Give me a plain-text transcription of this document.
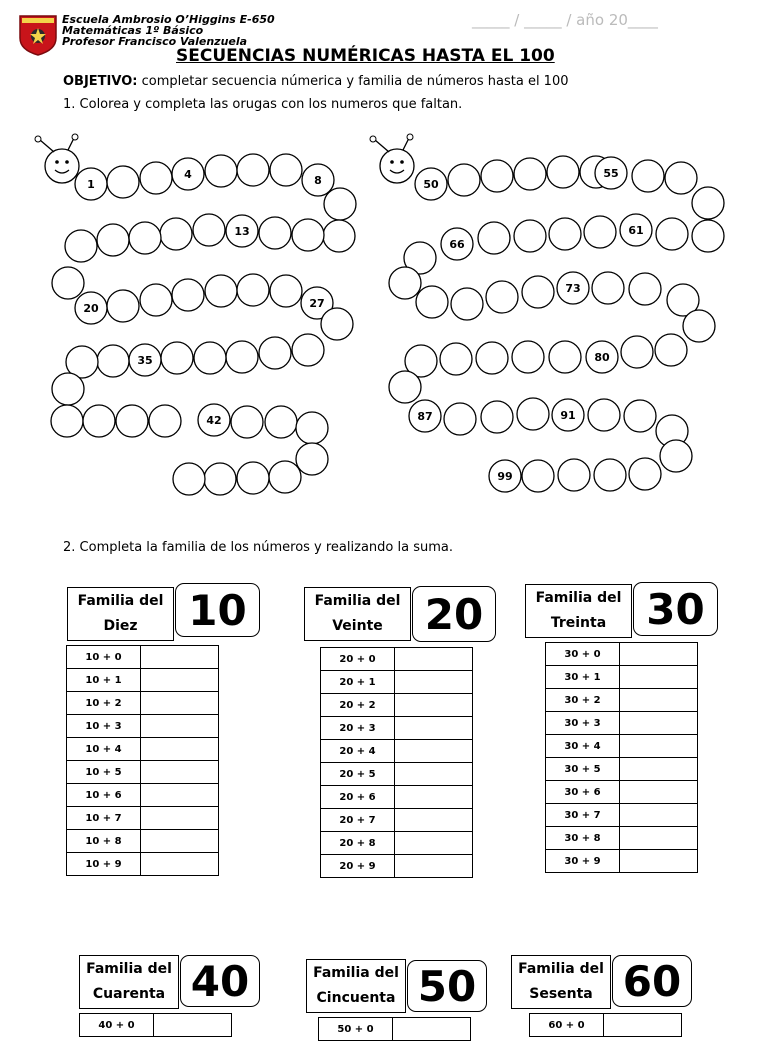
Escuela Ambrosio O’Higgins E-650
Matemáticas 1º Básico
Profesor Francisco Valenzuela
_____ / _____ / año 20____
SECUENCIAS NUMÉRICAS HASTA EL 100
OBJETIVO: completar secuencia númerica y familia de números hasta el 100
1. Colorea y completa las orugas con los numeros que faltan.
1
4	8
13
20	27
35
42
50
55
61
66
73
80
87	91
99
2. Completa la familia de los números y realizando la suma.
Familia del
Diez	10
10 + 0	
10 + 1	
10 + 2	
10 + 3	
10 + 4	
10 + 5	
10 + 6	
10 + 7	
10 + 8	
10 + 9	
Familia del
Veinte	20
20 + 0	
20 + 1	
20 + 2	
20 + 3	
20 + 4	
20 + 5	
20 + 6	
20 + 7	
20 + 8	
20 + 9	
Familia del
Treinta 30
30 + 0	
30 + 1	
30 + 2	
30 + 3	
30 + 4	
30 + 5	
30 + 6	
30 + 7	
30 + 8	
30 + 9	
Familia del
Cuarenta 40
40 + 0	
Familia del
Cincuenta 50
50 + 0	
Familia del
Sesenta 60
60 + 0	
